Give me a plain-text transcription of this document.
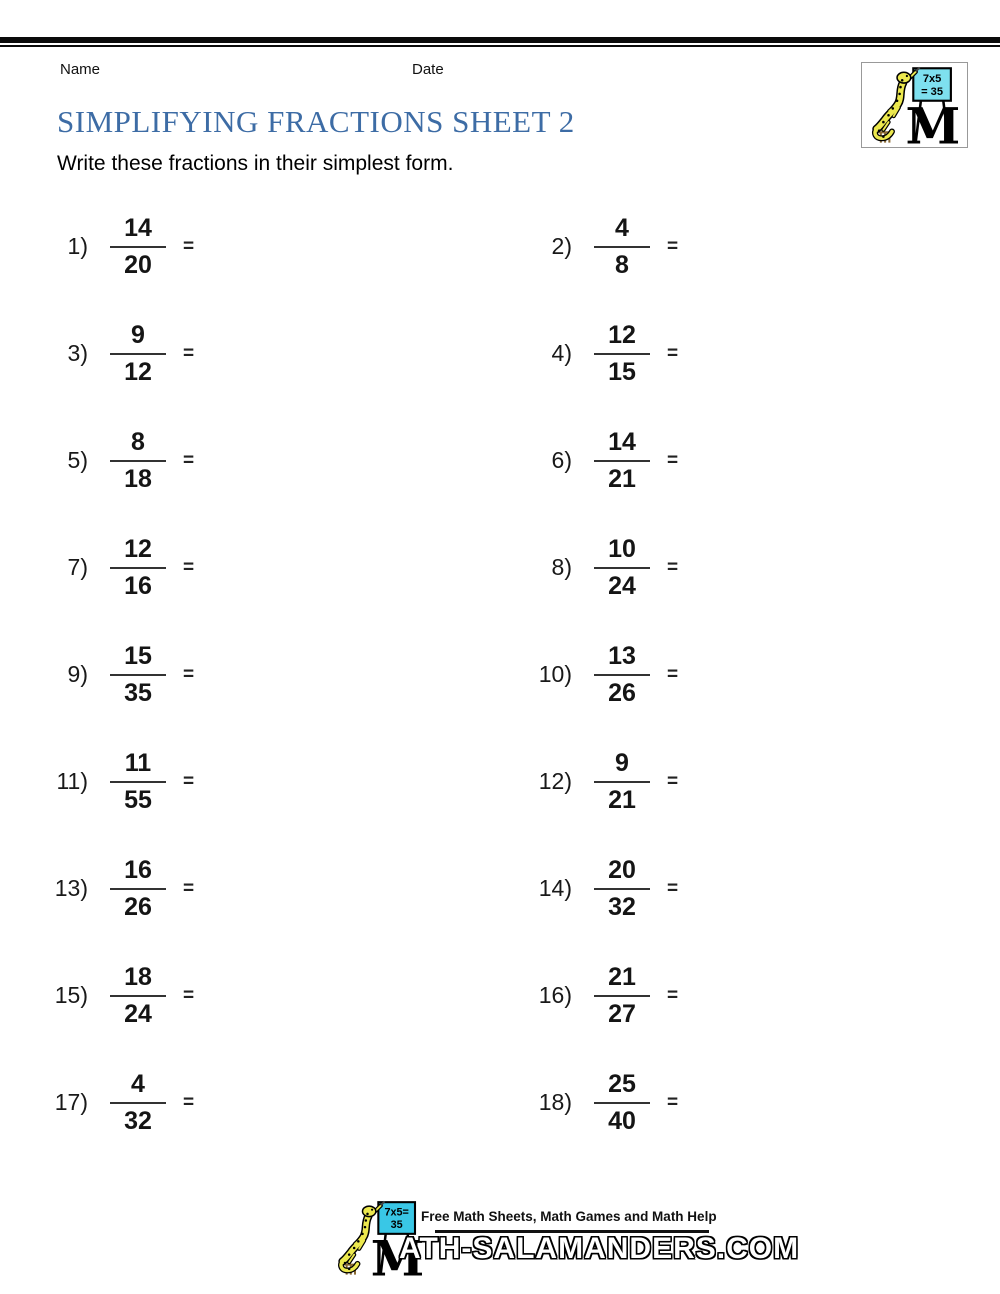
Name	Date
7x5
= 35
M
SIMPLIFYING FRACTIONS SHEET 2
Write these fractions in their simplest form.
$1) \frac{14}{20}$ =	$2) \frac{4}{8}$ =
$3) \frac{9}{12}$ =	$4) \frac{12}{15}$ =
$5) \frac{8}{18}$ =	$6) \frac{14}{21}$ =
$7) \frac{12}{16}$ =	$8) \frac{10}{24}$ =
$9) \frac{15}{35}$ =	$10) \frac{13}{26}$ =
$11) \frac{11}{55}$ =	$12) \frac{9}{21}$ =
$13) \frac{16}{26}$ =	$14) \frac{20}{32}$ =
$15) \frac{18}{24}$ =	$16) \frac{21}{27}$ =
$17) \frac{4}{32}$ =	$18) \frac{25}{40}$ =
7x5=
35
M
Free Math Sheets, Math Games and Math Help
ATH-SALAMANDERS.COM
